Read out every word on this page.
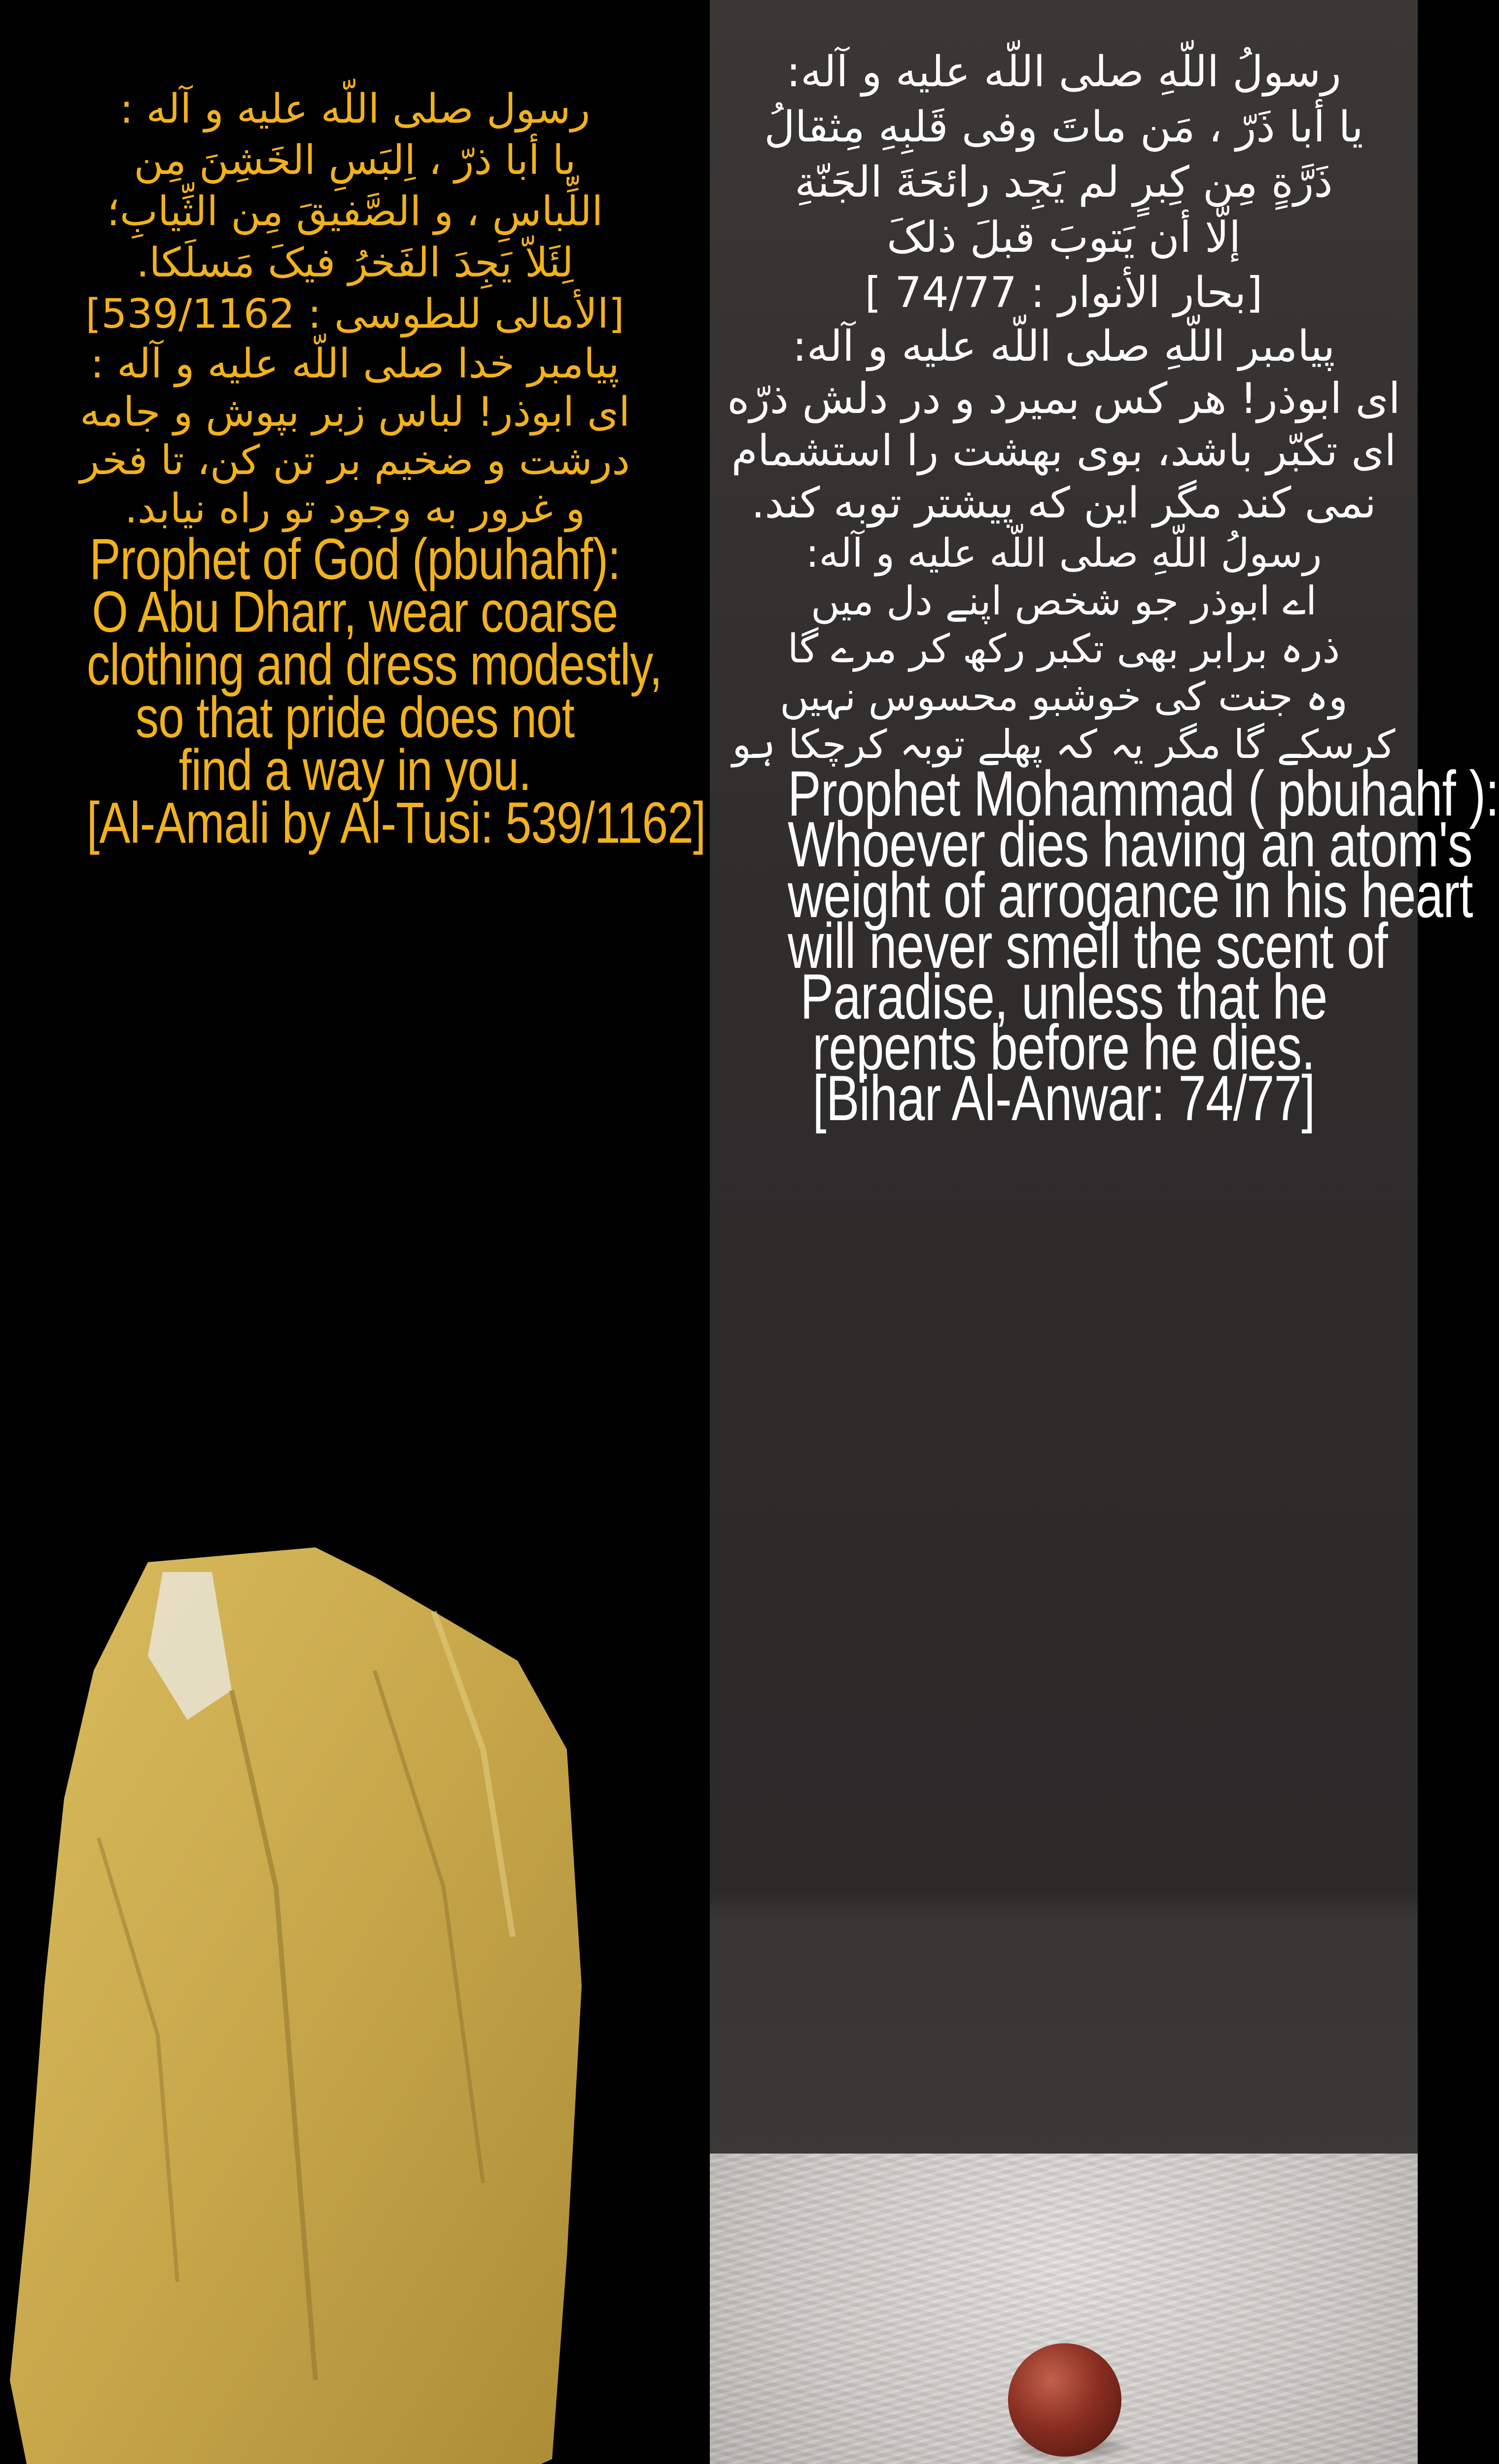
رسول صلی اللّه علیه و آله :
یا أبا ذرّ ، اِلبَسِ الخَشِنَ مِن
اللِّباسِ ، و الصَّفیقَ مِن الثِّیابِ؛
لِئَلاّ یَجِدَ الفَخرُ فیکَ مَسلَکا.
[الأمالی للطوسی : 539/1162]
پیامبر خدا صلی اللّه علیه و آله :
ای ابوذر! لباس زبر بپوش و جامه
درشت و ضخیم بر تن کن، تا فخر
و غرور به وجود تو راه نیابد.
Prophet of God (pbuhahf):
O Abu Dharr, wear coarse
clothing and dress modestly,
so that pride does not
find a way in you.
[Al-Amali by Al-Tusi: 539/1162]
رسولُ اللّهِ صلى اللّه عليه و آله:
يا أبا ذَرّ ، مَن ماتَ وفى قَلبِهِ مِثقالُ
ذَرَّةٍ مِن كِبرٍ لم يَجِد رائحَةَ الجَنّةِ
إلّا أن يَتوبَ قبلَ ذلکَ
[بحار الأنوار : 74/77 ]
پیامبر اللّهِ صلى اللّه عليه و آله:
ای ابوذر! هر کس بمیرد و در دلش ذرّه
ای تکبّر باشد، بوی بهشت را استشمام
نمی کند مگر این که پیشتر توبه کند.
رسولُ اللّهِ صلى اللّه عليه و آله:
اے ابوذر جو شخص اپنے دل میں
ذرہ برابر بھی تکبر رکھ کر مرے گا
وہ جنت کی خوشبو محسوس نہیں
کرسکے گا مگر یہ کہ پھلے توبہ کرچکا ہو
Prophet Mohammad ( pbuhahf ):
Whoever dies having an atom's
weight of arrogance in his heart
will never smell the scent of
Paradise, unless that he
repents before he dies.
[Bihar Al-Anwar: 74/77]
